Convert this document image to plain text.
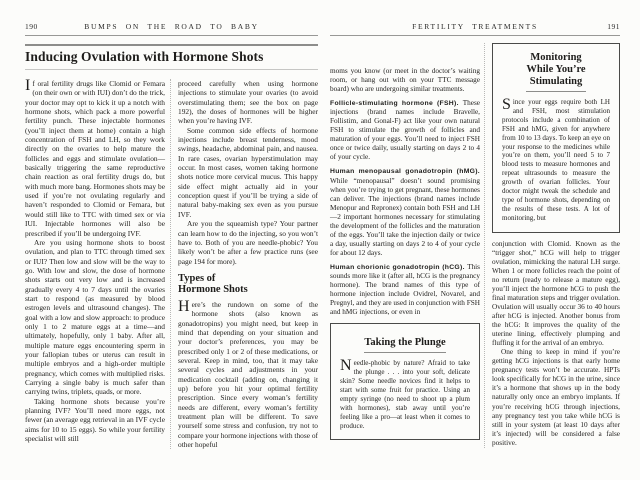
190	BUMPS ON THE ROAD TO BABY
Inducing Ovulation with Hormone Shots

If oral fertility drugs like Clomid or Femara (on their own or with IUI) don’t do the trick, your doctor may opt to kick it up a notch with hormone shots, which pack a more powerful fertility punch. These injectable hormones (you’ll inject them at home) contain a high concentration of FSH and LH, so they work directly on the ovaries to help mature the follicles and eggs and stimulate ovulation—basically triggering the same reproductive chain reaction as oral fertility drugs do, but with much more bang. Hormones shots may be used if you’re not ovulating regularly and haven’t responded to Clomid or Femara, but would still like to TTC with timed sex or via IUI. Injectable hormones will also be prescribed if you’ll be undergoing IVF.

Are you using hormone shots to boost ovulation, and plan to TTC through timed sex or IUI? Then low and slow will be the way to go. With low and slow, the dose of hormone shots starts out very low and is increased gradually every 4 to 7 days until the ovaries start to respond (as measured by blood estrogen levels and ultrasound changes). The goal with a low and slow approach: to produce only 1 to 2 mature eggs at a time—and ultimately, hopefully, only 1 baby. After all, multiple mature eggs encountering sperm in your fallopian tubes or uterus can result in multiple embryos and a high-order multiple pregnancy, which comes with multiplied risks. Carrying a single baby is much safer than carrying twins, triplets, quads, or more.

Taking hormone shots because you’re planning IVF? You’ll need more eggs, not fewer (an average egg retrieval in an IVF cycle aims for 10 to 15 eggs). So while your fertility specialist will still

proceed carefully when using hormone injections to stimulate your ovaries (to avoid overstimulating them; see the box on page 192), the doses of hormones will be higher when you’re having IVF.

Some common side effects of hormone injections include breast tenderness, mood swings, headache, abdominal pain, and nausea. In rare cases, ovarian hyperstimulation may occur. In most cases, women taking hormone shots notice more cervical mucus. This happy side effect might actually aid in your conception quest if you’ll be trying a side of natural baby-making sex even as you pursue IVF.

Are you the squeamish type? Your partner can learn how to do the injecting, so you won’t have to. Both of you are needle-phobic? You likely won’t be after a few practice runs (see page 194 for more).

Types of
Hormone Shots

Here’s the rundown on some of the hormone shots (also known as gonadotropins) you might need, but keep in mind that depending on your situation and your doctor’s preferences, you may be prescribed only 1 or 2 of these medications, or several. Keep in mind, too, that it may take several cycles and adjustments in your medication cocktail (adding on, changing it up) before you hit your optimal fertility prescription. Since every woman’s fertility needs are different, every woman’s fertility treatment plan will be different. To save yourself some stress and confusion, try not to compare your hormone injections with those of other hopeful

FERTILITY TREATMENTS	191

moms you know (or meet in the doctor’s waiting room, or hang out with on your TTC message board) who are undergoing similar treatments.

Follicle-stimulating hormone (FSH). These injections (brand names include Bravelle, Follistim, and Gonal-F) act like your own natural FSH to stimulate the growth of follicles and maturation of your eggs. You’ll need to inject FSH once or twice daily, usually starting on days 2 to 4 of your cycle.

Human menopausal gonadotropin (hMG). While “menopausal” doesn’t sound promising when you’re trying to get pregnant, these hormones can deliver. The injections (brand names include Menopur and Repronex) contain both FSH and LH—2 important hormones necessary for stimulating the development of the follicles and the maturation of the eggs. You’ll take the injection daily or twice a day, usually starting on days 2 to 4 of your cycle for about 12 days.

Human chorionic gonadotropin (hCG). This sounds more like it (after all, hCG is the pregnancy hormone). The brand names of this type of hormone injection include Ovidrel, Novarel, and Pregnyl, and they are used in conjunction with FSH and hMG injections, or even in

Taking the Plunge

Needle-phobic by nature? Afraid to take the plunge . . . into your soft, delicate skin? Some needle novices find it helps to start with some fruit for practice. Using an empty syringe (no need to shoot up a plum with hormones), stab away until you’re feeling like a pro—at least when it comes to produce.

Monitoring
While You’re
Stimulating

Since your eggs require both LH and FSH, most stimulation protocols include a combination of FSH and hMG, given for anywhere from 10 to 13 days. To keep an eye on your response to the medicines while you’re on them, you’ll need 5 to 7 blood tests to measure hormones and repeat ultrasounds to measure the growth of ovarian follicles. Your doctor might tweak the schedule and type of hormone shots, depending on the results of these tests. A lot of monitoring, but

conjunction with Clomid. Known as the “trigger shot,” hCG will help to trigger ovulation, mimicking the natural LH surge. When 1 or more follicles reach the point of no return (ready to release a mature egg), you’ll inject the hormone hCG to push the final maturation steps and trigger ovulation. Ovulation will usually occur 36 to 40 hours after hCG is injected. Another bonus from the hCG: It improves the quality of the uterine lining, effectively plumping and fluffing it for the arrival of an embryo.

One thing to keep in mind if you’re getting hCG injections is that early home pregnancy tests won’t be accurate. HPTs look specifically for hCG in the urine, since it’s a hormone that shows up in the body naturally only once an embryo implants. If you’re receiving hCG through injections, any pregnancy test you take while hCG is still in your system (at least 10 days after it’s injected) will be considered a false positive.
